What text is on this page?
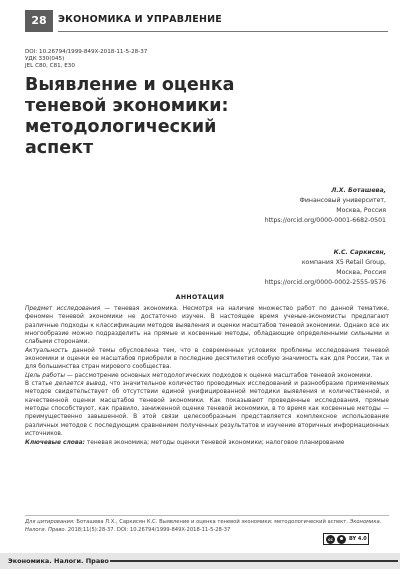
28	ЭКОНОМИКА И УПРАВЛЕНИЕ
DOI: 10.26794/1999-849X-2018-11-5-28-37
УДК 330(045)
JEL C80, C81, E30
Выявление и оценка
теневой экономики:
методологический
аспект
Л.Х. Боташева,
Финансовый университет,
Москва, Россия
https://orcid.org/0000-0001-6682-0501
К.С. Саркисян,
компания X5 Retail Group,
Москва, Россия
https://orcid.org/0000-0002-2555-9576
АННОТАЦИЯ

Предмет исследования — теневая экономика. Несмотря на наличие множество работ по данной тематике, феномен теневой экономики не достаточно изучен. В настоящее время ученые-экономисты предлагают различные подходы к классификации методов выявления и оценки масштабов теневой экономики. Однако все их многообразие можно подразделить на прямые и косвенные методы, обладающие определенными сильными и слабыми сторонами.

Актуальность данной темы обусловлена тем, что в современных условиях проблемы исследования теневой экономики и оценки ее масштабов приобрели в последние десятилетия особую значимость как для России, так и для большинства стран мирового сообщества.

Цель работы — рассмотрение основных методологических подходов к оценке масштабов теневой экономики.

В статье делается вывод, что значительное количество проводимых исследований и разнообразие применяемых методов свидетельствует об отсутствии единой унифицированной методики выявления и количественной, и качественной оценки масштабов теневой экономики. Как показывают проведенные исследования, прямые методы способствуют, как правило, заниженной оценке теневой экономики, в то время как косвенные методы — преимущественно завышенной. В этой связи целесообразным представляется комплексное использование различных методов с последующим сравнением полученных результатов и изучение вторичных информационных источников.

Ключевые слова: теневая экономика; методы оценки теневой экономики; налоговое планирование

Для цитирования: Боташева Л.Х., Саркисян К.С. Выявление и оценка теневой экономики: методологический аспект. Экономика. Налоги. Право. 2018;11(5):28-37. DOI: 10.26794/1999-849X-2018-11-5-28-37
cc	BY 4.0
Экономика. Налоги. Право
